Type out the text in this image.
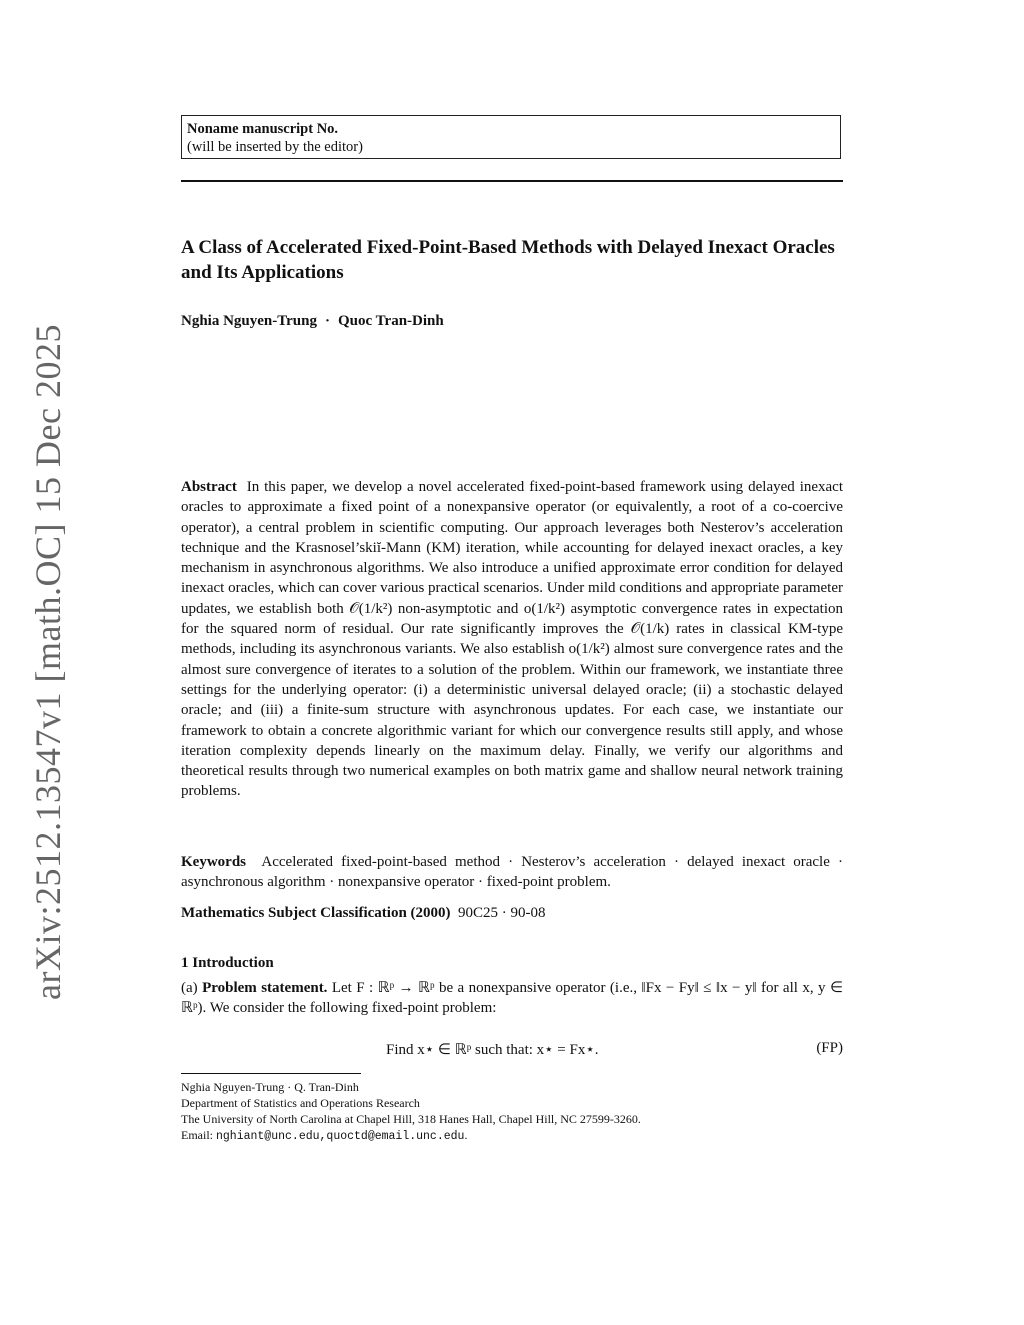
arXiv:2512.13547v1 [math.OC] 15 Dec 2025
Noname manuscript No.
(will be inserted by the editor)
A Class of Accelerated Fixed-Point-Based Methods with Delayed Inexact Oracles and Its Applications
Nghia Nguyen-Trung · Quoc Tran-Dinh
Abstract In this paper, we develop a novel accelerated fixed-point-based framework using delayed inexact oracles to approximate a fixed point of a nonexpansive operator (or equivalently, a root of a co-coercive operator), a central problem in scientific computing. Our approach leverages both Nesterov’s acceleration technique and the Krasnosel’skiĭ-Mann (KM) iteration, while accounting for delayed inexact oracles, a key mechanism in asynchronous algorithms. We also introduce a unified approximate error condition for delayed inexact oracles, which can cover various practical scenarios. Under mild conditions and appropriate parameter updates, we establish both 𝒪(1/k²) non-asymptotic and o(1/k²) asymptotic convergence rates in expectation for the squared norm of residual. Our rate significantly improves the 𝒪(1/k) rates in classical KM-type methods, including its asynchronous variants. We also establish o(1/k²) almost sure convergence rates and the almost sure convergence of iterates to a solution of the problem. Within our framework, we instantiate three settings for the underlying operator: (i) a deterministic universal delayed oracle; (ii) a stochastic delayed oracle; and (iii) a finite-sum structure with asynchronous updates. For each case, we instantiate our framework to obtain a concrete algorithmic variant for which our convergence results still apply, and whose iteration complexity depends linearly on the maximum delay. Finally, we verify our algorithms and theoretical results through two numerical examples on both matrix game and shallow neural network training problems.
Keywords Accelerated fixed-point-based method · Nesterov’s acceleration · delayed inexact oracle · asynchronous algorithm · nonexpansive operator · fixed-point problem.
Mathematics Subject Classification (2000) 90C25 · 90-08
1 Introduction
(a) Problem statement. Let F : ℝᵖ → ℝᵖ be a nonexpansive operator (i.e., ‖Fx − Fy‖ ≤ ‖x − y‖ for all x, y ∈ ℝᵖ). We consider the following fixed-point problem:
Find x⋆ ∈ ℝᵖ such that: x⋆ = Fx⋆.	(FP)
Nghia Nguyen-Trung · Q. Tran-Dinh
Department of Statistics and Operations Research
The University of North Carolina at Chapel Hill, 318 Hanes Hall, Chapel Hill, NC 27599-3260.
Email: nghiant@unc.edu,quoctd@email.unc.edu.
